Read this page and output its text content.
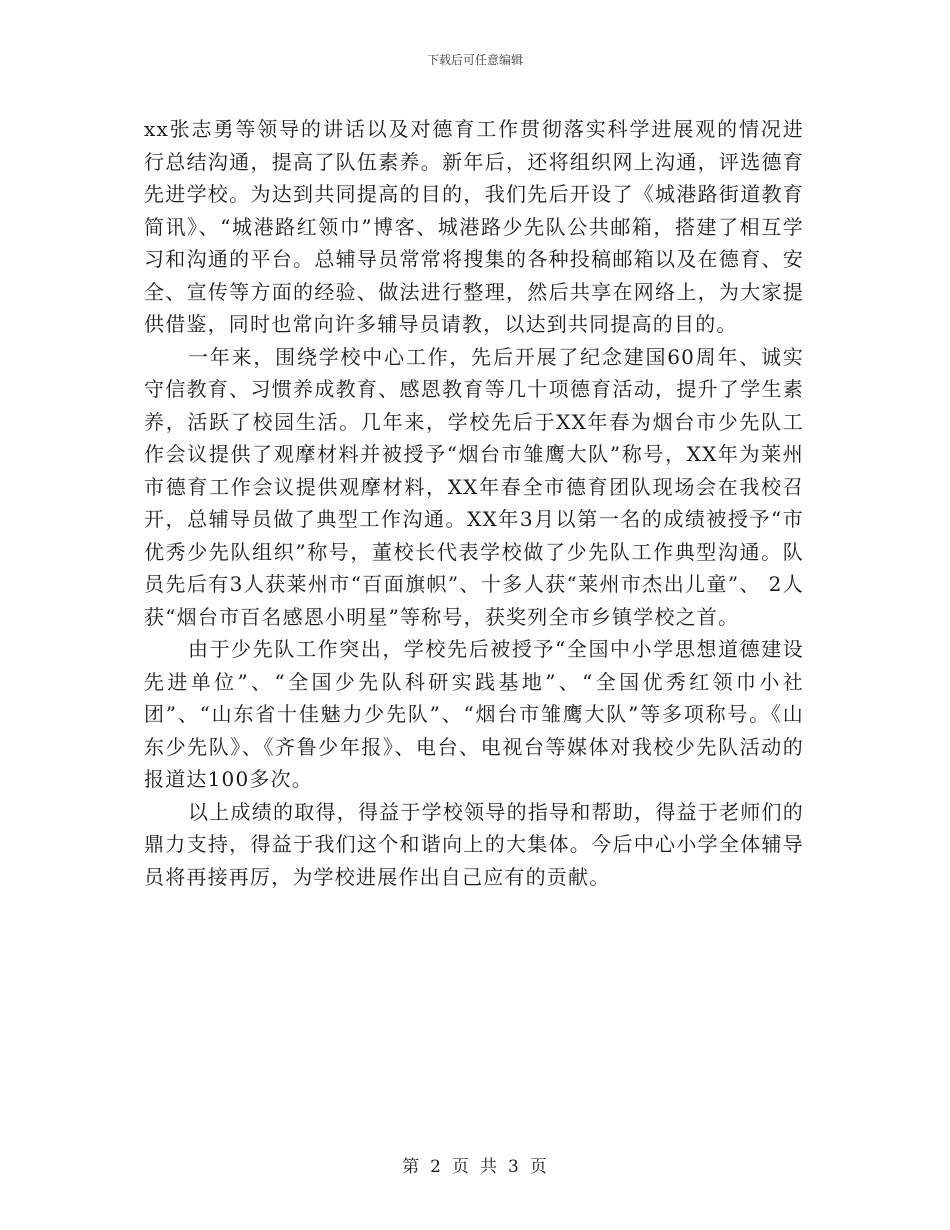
下载后可任意编辑

xx张志勇等领导的讲话以及对德育工作贯彻落实科学进展观的情况进行总结沟通，提高了队伍素养。新年后，还将组织网上沟通，评选德育先进学校。为达到共同提高的目的，我们先后开设了《城港路街道教育简讯》、“城港路红领巾”博客、城港路少先队公共邮箱，搭建了相互学习和沟通的平台。总辅导员常常将搜集的各种投稿邮箱以及在德育、安全、宣传等方面的经验、做法进行整理，然后共享在网络上，为大家提供借鉴，同时也常向许多辅导员请教，以达到共同提高的目的。

一年来，围绕学校中心工作，先后开展了纪念建国60周年、诚实守信教育、习惯养成教育、感恩教育等几十项德育活动，提升了学生素养，活跃了校园生活。几年来，学校先后于XX年春为烟台市少先队工作会议提供了观摩材料并被授予“烟台市雏鹰大队”称号，XX年为莱州市德育工作会议提供观摩材料，XX年春全市德育团队现场会在我校召开，总辅导员做了典型工作沟通。XX年3月以第一名的成绩被授予“市优秀少先队组织”称号，董校长代表学校做了少先队工作典型沟通。队员先后有3人获莱州市“百面旗帜”、十多人获“莱州市杰出儿童”、 2人获“烟台市百名感恩小明星”等称号，获奖列全市乡镇学校之首。

由于少先队工作突出，学校先后被授予“全国中小学思想道德建设先进单位”、“全国少先队科研实践基地”、“全国优秀红领巾小社团”、“山东省十佳魅力少先队”、“烟台市雏鹰大队”等多项称号。《山东少先队》、《齐鲁少年报》、电台、电视台等媒体对我校少先队活动的报道达100多次。

以上成绩的取得，得益于学校领导的指导和帮助，得益于老师们的鼎力支持，得益于我们这个和谐向上的大集体。今后中心小学全体辅导员将再接再厉，为学校进展作出自己应有的贡献。

第 2 页 共 3 页
